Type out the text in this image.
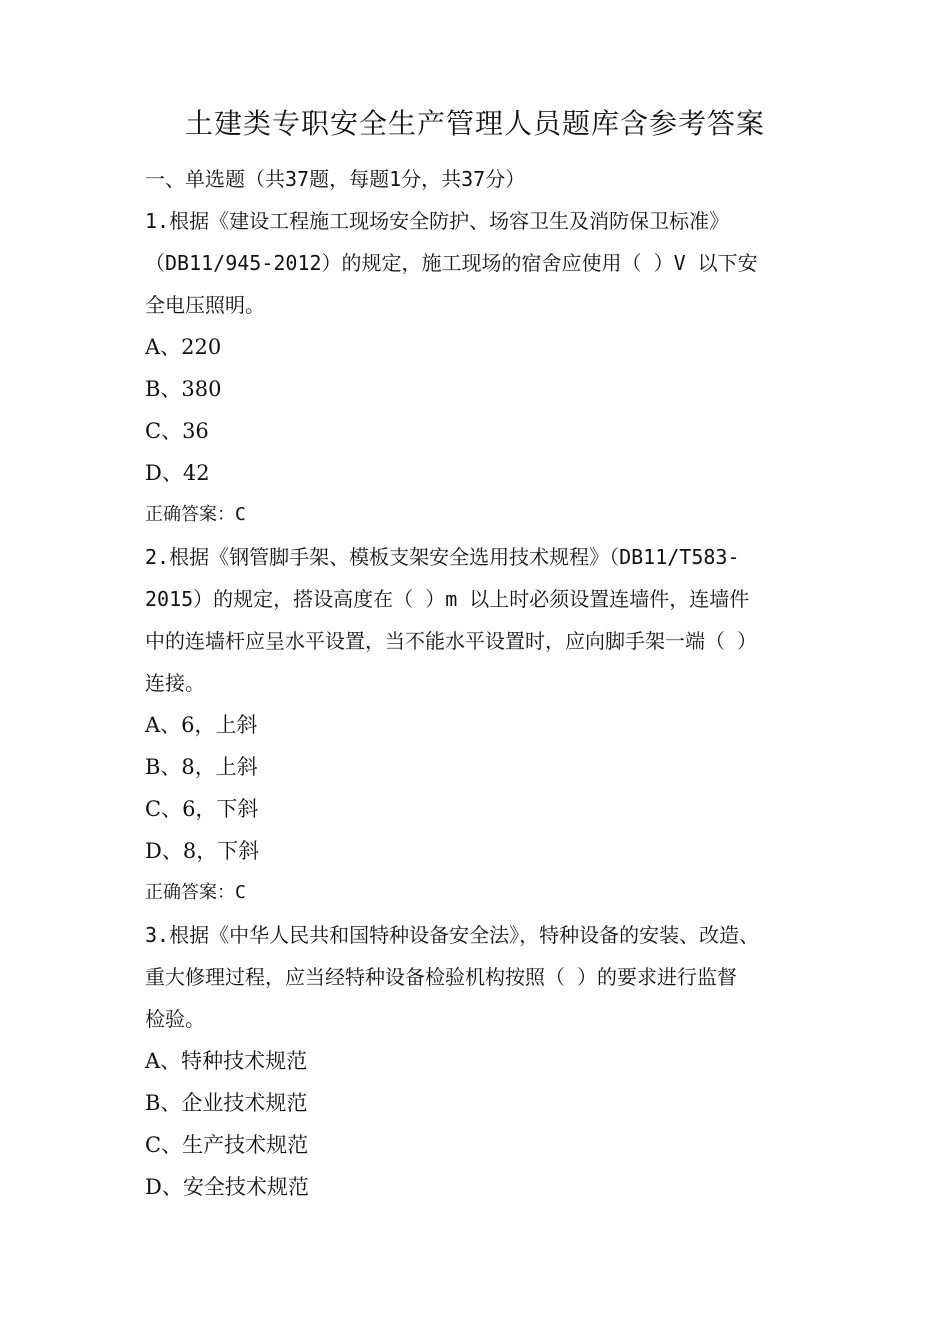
土建类专职安全生产管理人员题库含参考答案
一、单选题（共37题，每题1分，共37分）
1.根据《建设工程施工现场安全防护、场容卫生及消防保卫标准》
（DB11/945-2012）的规定，施工现场的宿舍应使用（ ）V 以下安
全电压照明。
A、220
B、380
C、36
D、42
正确答案：C
2.根据《钢管脚手架、模板支架安全选用技术规程》（DB11/T583-
2015）的规定，搭设高度在（ ）m 以上时必须设置连墙件，连墙件
中的连墙杆应呈水平设置，当不能水平设置时，应向脚手架一端（ ）
连接。
A、6，上斜
B、8，上斜
C、6，下斜
D、8，下斜
正确答案：C
3.根据《中华人民共和国特种设备安全法》，特种设备的安装、改造、
重大修理过程，应当经特种设备检验机构按照（ ）的要求进行监督
检验。
A、特种技术规范
B、企业技术规范
C、生产技术规范
D、安全技术规范
